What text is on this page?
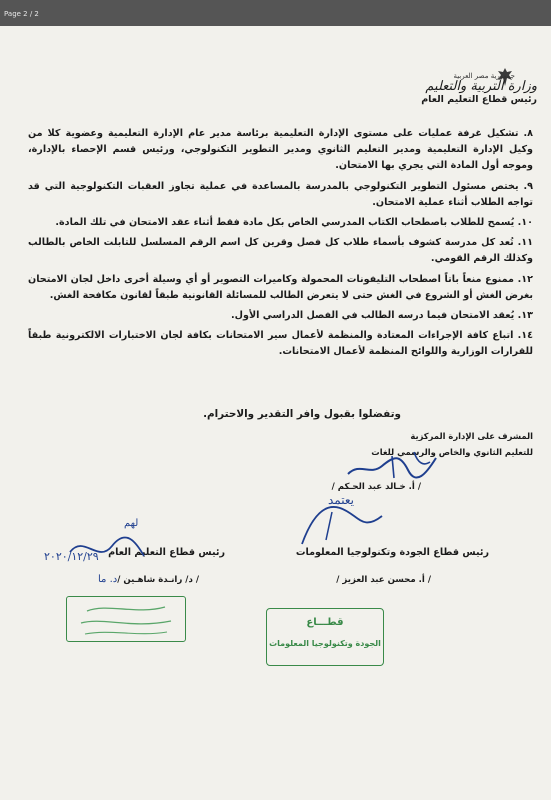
Page 2 / 2
جمهورية مصر العربية
وزارة التربية والتعليم
رئيس قطاع التعليم العام

٨. تشكيل غرفة عمليات على مستوى الإدارة التعليمية برئاسة مدير عام الإدارة التعليمية وعضوية كلا من وكيل الإدارة التعليمية ومدير التعليم الثانوي ومدير التطوير التكنولوجي، ورئيس قسم الإحصاء بالإدارة، وموجه أول المادة التي يجري بها الامتحان.

٩. يختص مسئول التطوير التكنولوجي بالمدرسة بالمساعدة في عملية تجاوز العقبات التكنولوجية التي قد تواجه الطلاب أثناء عملية الامتحان.

١٠. يُسمح للطلاب باصطحاب الكتاب المدرسي الخاص بكل مادة فقط أثناء عقد الامتحان في تلك المادة.

١١. تُعد كل مدرسة كشوف بأسماء طلاب كل فصل وقرين كل اسم الرقم المسلسل للتابلت الخاص بالطالب وكذلك الرقم القومي.

١٢. ممنوع منعاً باتاً اصطحاب التليفونات المحمولة وكاميرات التصوير أو أي وسيلة أخرى داخل لجان الامتحان بغرض الغش أو الشروع في الغش حتى لا يتعرض الطالب للمسائلة القانونية طبقاً لقانون مكافحة الغش.

١٣. يُعقد الامتحان فيما درسه الطالب في الفصل الدراسي الأول.

١٤. اتباع كافة الإجراءات المعتادة والمنظمة لأعمال سير الامتحانات بكافة لجان الاختبارات الالكترونية طبقاً للقرارات الوزارية واللوائح المنظمة لأعمال الامتحانات.

وتفضلوا بقبول وافر التقدير والاحترام.
المشرف على الإدارة المركزية
للتعليم الثانوي والخاص والرسمي للغات
/ أ. خـالد عبد الحـكم /
يعتمد
رئيس قطاع الجودة وتكنولوجيا المعلومات
رئيس قطاع التعليم العام
لهم
٢٠٢٠/١٢/٢٩
د. ما	/ أ. محسن عبد العزيز /
/ د/ رانـدة شاهـين /
قطـــاع
الجودة وتكنولوجيا المعلومات
